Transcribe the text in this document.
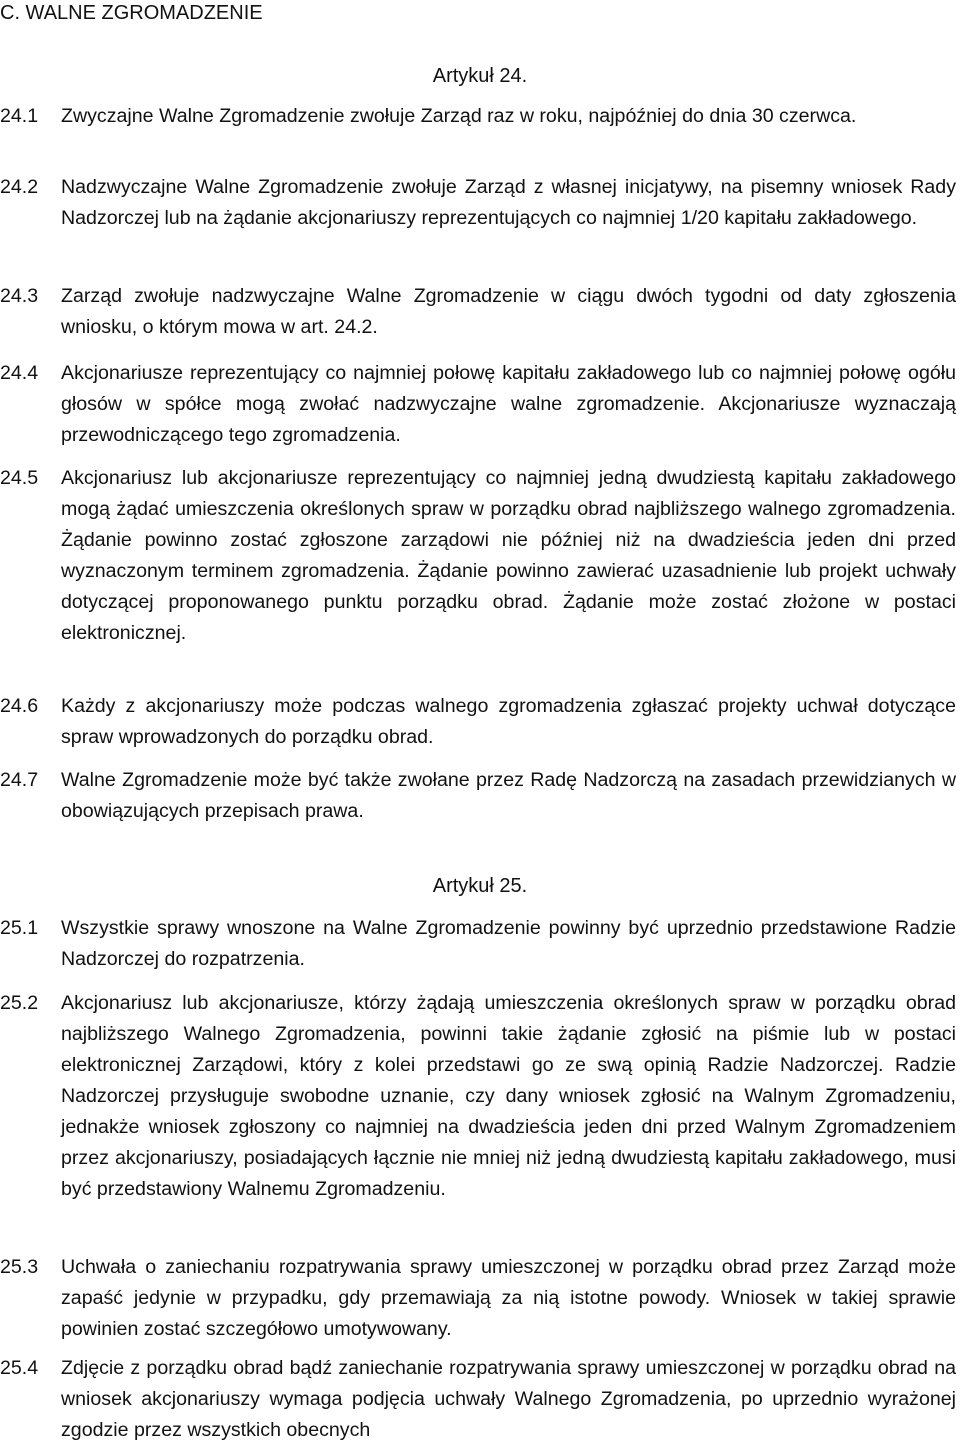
C. WALNE ZGROMADZENIE
Artykuł 24.
24.1 Zwyczajne Walne Zgromadzenie zwołuje Zarząd raz w roku, najpóźniej do dnia 30 czerwca.
24.2 Nadzwyczajne Walne Zgromadzenie zwołuje Zarząd z własnej inicjatywy, na pisemny wniosek Rady Nadzorczej lub na żądanie akcjonariuszy reprezentujących co najmniej 1/20 kapitału zakładowego.
24.3 Zarząd zwołuje nadzwyczajne Walne Zgromadzenie w ciągu dwóch tygodni od daty zgłoszenia wniosku, o którym mowa w art. 24.2.
24.4 Akcjonariusze reprezentujący co najmniej połowę kapitału zakładowego lub co najmniej połowę ogółu głosów w spółce mogą zwołać nadzwyczajne walne zgromadzenie. Akcjonariusze wyznaczają przewodniczącego tego zgromadzenia.
24.5 Akcjonariusz lub akcjonariusze reprezentujący co najmniej jedną dwudziestą kapitału zakładowego mogą żądać umieszczenia określonych spraw w porządku obrad najbliższego walnego zgromadzenia. Żądanie powinno zostać zgłoszone zarządowi nie później niż na dwadzieścia jeden dni przed wyznaczonym terminem zgromadzenia. Żądanie powinno zawierać uzasadnienie lub projekt uchwały dotyczącej proponowanego punktu porządku obrad. Żądanie może zostać złożone w postaci elektronicznej.
24.6 Każdy z akcjonariuszy może podczas walnego zgromadzenia zgłaszać projekty uchwał dotyczące spraw wprowadzonych do porządku obrad.
24.7 Walne Zgromadzenie może być także zwołane przez Radę Nadzorczą na zasadach przewidzianych w obowiązujących przepisach prawa.
Artykuł 25.
25.1 Wszystkie sprawy wnoszone na Walne Zgromadzenie powinny być uprzednio przedstawione Radzie Nadzorczej do rozpatrzenia.
25.2 Akcjonariusz lub akcjonariusze, którzy żądają umieszczenia określonych spraw w porządku obrad najbliższego Walnego Zgromadzenia, powinni takie żądanie zgłosić na piśmie lub w postaci elektronicznej Zarządowi, który z kolei przedstawi go ze swą opinią Radzie Nadzorczej. Radzie Nadzorczej przysługuje swobodne uznanie, czy dany wniosek zgłosić na Walnym Zgromadzeniu, jednakże wniosek zgłoszony co najmniej na dwadzieścia jeden dni przed Walnym Zgromadzeniem przez akcjonariuszy, posiadających łącznie nie mniej niż jedną dwudziestą kapitału zakładowego, musi być przedstawiony Walnemu Zgromadzeniu.
25.3 Uchwała o zaniechaniu rozpatrywania sprawy umieszczonej w porządku obrad przez Zarząd może zapaść jedynie w przypadku, gdy przemawiają za nią istotne powody. Wniosek w takiej sprawie powinien zostać szczegółowo umotywowany.
25.4 Zdjęcie z porządku obrad bądź zaniechanie rozpatrywania sprawy umieszczonej w porządku obrad na wniosek akcjonariuszy wymaga podjęcia uchwały Walnego Zgromadzenia, po uprzednio wyrażonej zgodzie przez wszystkich obecnych
